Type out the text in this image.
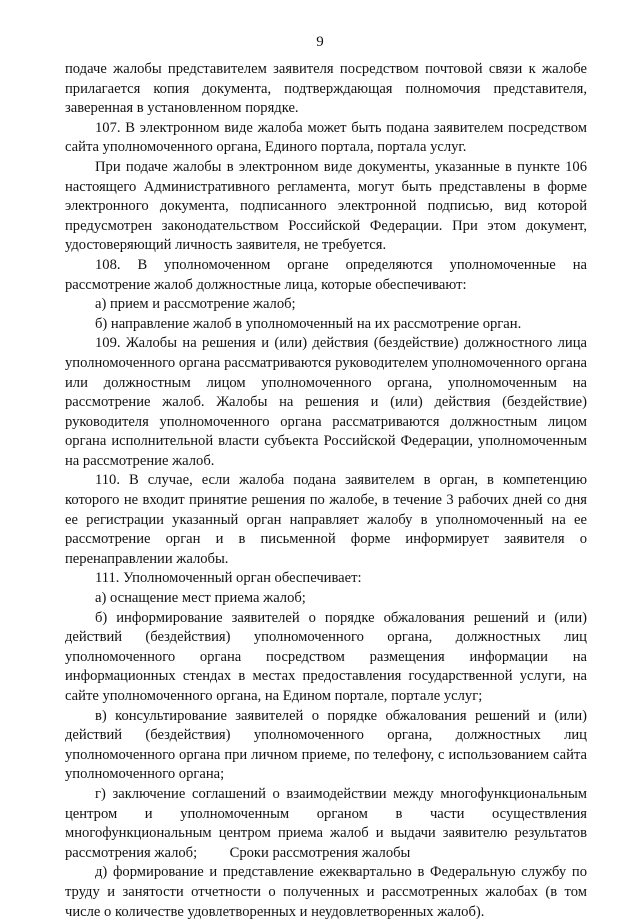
9

подаче жалобы представителем заявителя посредством почтовой связи к жалобе прилагается копия документа, подтверждающая полномочия представителя, заверенная в установленном порядке.

107. В электронном виде жалоба может быть подана заявителем посредством сайта уполномоченного органа, Единого портала, портала услуг.

При подаче жалобы в электронном виде документы, указанные в пункте 106 настоящего Административного регламента, могут быть представлены в форме электронного документа, подписанного электронной подписью, вид которой предусмотрен законодательством Российской Федерации. При этом документ, удостоверяющий личность заявителя, не требуется.

108. В уполномоченном органе определяются уполномоченные на рассмотрение жалоб должностные лица, которые обеспечивают:

а) прием и рассмотрение жалоб;

б) направление жалоб в уполномоченный на их рассмотрение орган.

109. Жалобы на решения и (или) действия (бездействие) должностного лица уполномоченного органа рассматриваются руководителем уполномоченного органа или должностным лицом уполномоченного органа, уполномоченным на рассмотрение жалоб. Жалобы на решения и (или) действия (бездействие) руководителя уполномоченного органа рассматриваются должностным лицом органа исполнительной власти субъекта Российской Федерации, уполномоченным на рассмотрение жалоб.

110. В случае, если жалоба подана заявителем в орган, в компетенцию которого не входит принятие решения по жалобе, в течение 3 рабочих дней со дня ее регистрации указанный орган направляет жалобу в уполномоченный на ее рассмотрение орган и в письменной форме информирует заявителя о перенаправлении жалобы.

111. Уполномоченный орган обеспечивает:

а) оснащение мест приема жалоб;

б) информирование заявителей о порядке обжалования решений и (или) действий (бездействия) уполномоченного органа, должностных лиц уполномоченного органа посредством размещения информации на информационных стендах в местах предоставления государственной услуги, на сайте уполномоченного органа, на Едином портале, портале услуг;

в) консультирование заявителей о порядке обжалования решений и (или) действий (бездействия) уполномоченного органа, должностных лиц уполномоченного органа при личном приеме, по телефону, с использованием сайта уполномоченного органа;

г) заключение соглашений о взаимодействии между многофункциональным центром и уполномоченным органом в части осуществления многофункциональным центром приема жалоб и выдачи заявителю результатов рассмотрения жалоб;

д) формирование и представление ежеквартально в Федеральную службу по труду и занятости отчетности о полученных и рассмотренных жалобах (в том числе о количестве удовлетворенных и неудовлетворенных жалоб).

Сроки рассмотрения жалобы
